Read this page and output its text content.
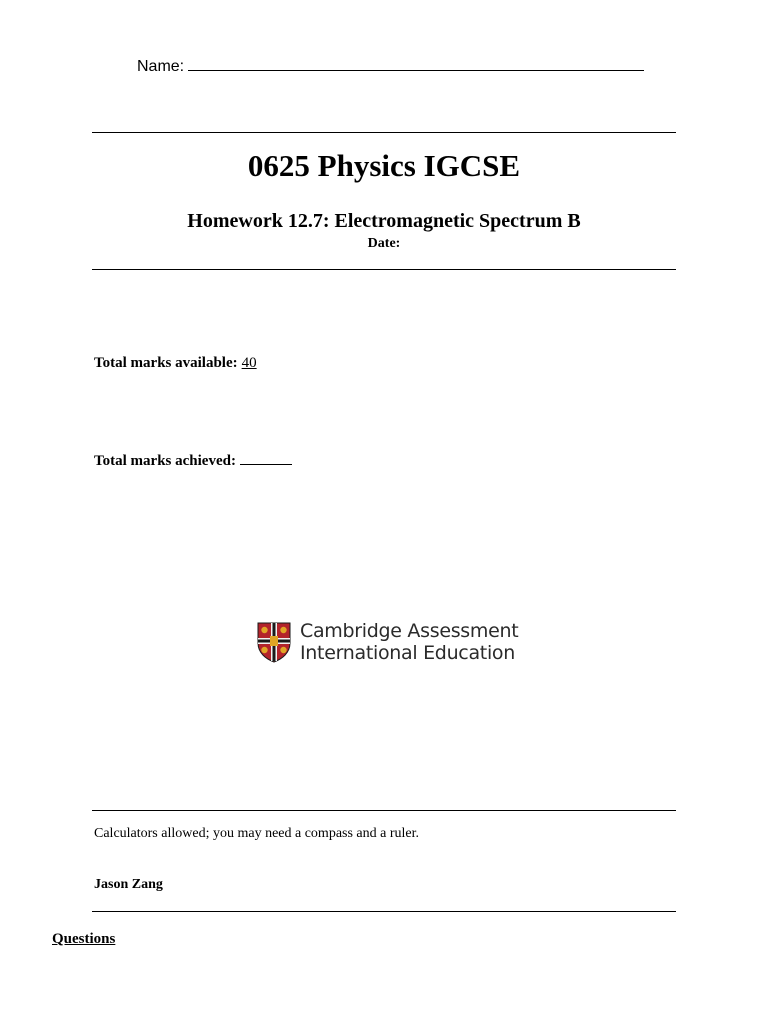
Name:
0625 Physics IGCSE
Homework 12.7: Electromagnetic Spectrum B
Date:
Total marks available: 40
Total marks achieved:
Cambridge Assessment
International Education
Calculators allowed; you may need a compass and a ruler.
Jason Zang
Questions
